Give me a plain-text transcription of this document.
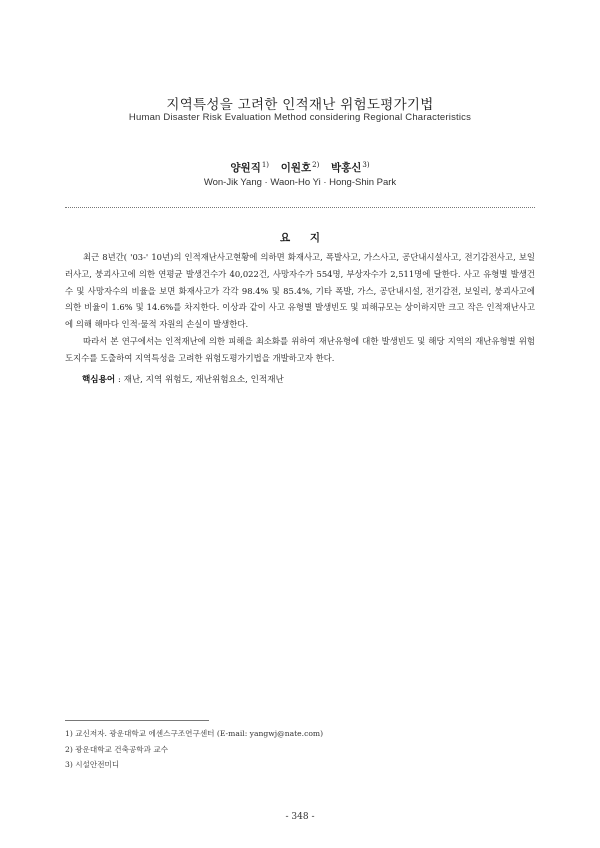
지역특성을 고려한 인적재난 위험도평가기법
Human Disaster Risk Evaluation Method considering Regional Characteristics
양원직$^{1)}$ 이원호$^{2)}$ 박홍신$^{3)}$
Won-Jik Yang · Waon-Ho Yi · Hong-Shin Park
요 지

최근 8년간( '03-' 10년)의 인적재난사고현황에 의하면 화재사고, 폭발사고, 가스사고, 공단내시설사고, 전기감전사고, 보일러사고, 붕괴사고에 의한 연평균 발생건수가 40,022건, 사망자수가 554명, 부상자수가 2,511명에 달한다. 사고 유형별 발생건수 및 사망자수의 비율을 보면 화재사고가 각각 98.4% 및 85.4%, 기타 폭발, 가스, 공단내시설, 전기감전, 보일러, 붕괴사고에 의한 비율이 1.6% 및 14.6%를 차지한다. 이상과 같이 사고 유형별 발생빈도 및 피해규모는 상이하지만 크고 작은 인적재난사고에 의해 해마다 인적·물적 자원의 손실이 발생한다.

따라서 본 연구에서는 인적재난에 의한 피해을 최소화를 위하여 재난유형에 대한 발생빈도 및 해당 지역의 재난유형별 위험도지수를 도출하여 지역특성을 고려한 위험도평가기법을 개발하고자 한다.

핵심용어 : 재난, 지역 위험도, 재난위험요소, 인적재난
1) 교신저자. 광운대학교 에센스구조연구센터 (E-mail: yangwj@nate.com)
2) 광운대학교 건축공학과 교수
3) 시설안전미디
- 348 -
